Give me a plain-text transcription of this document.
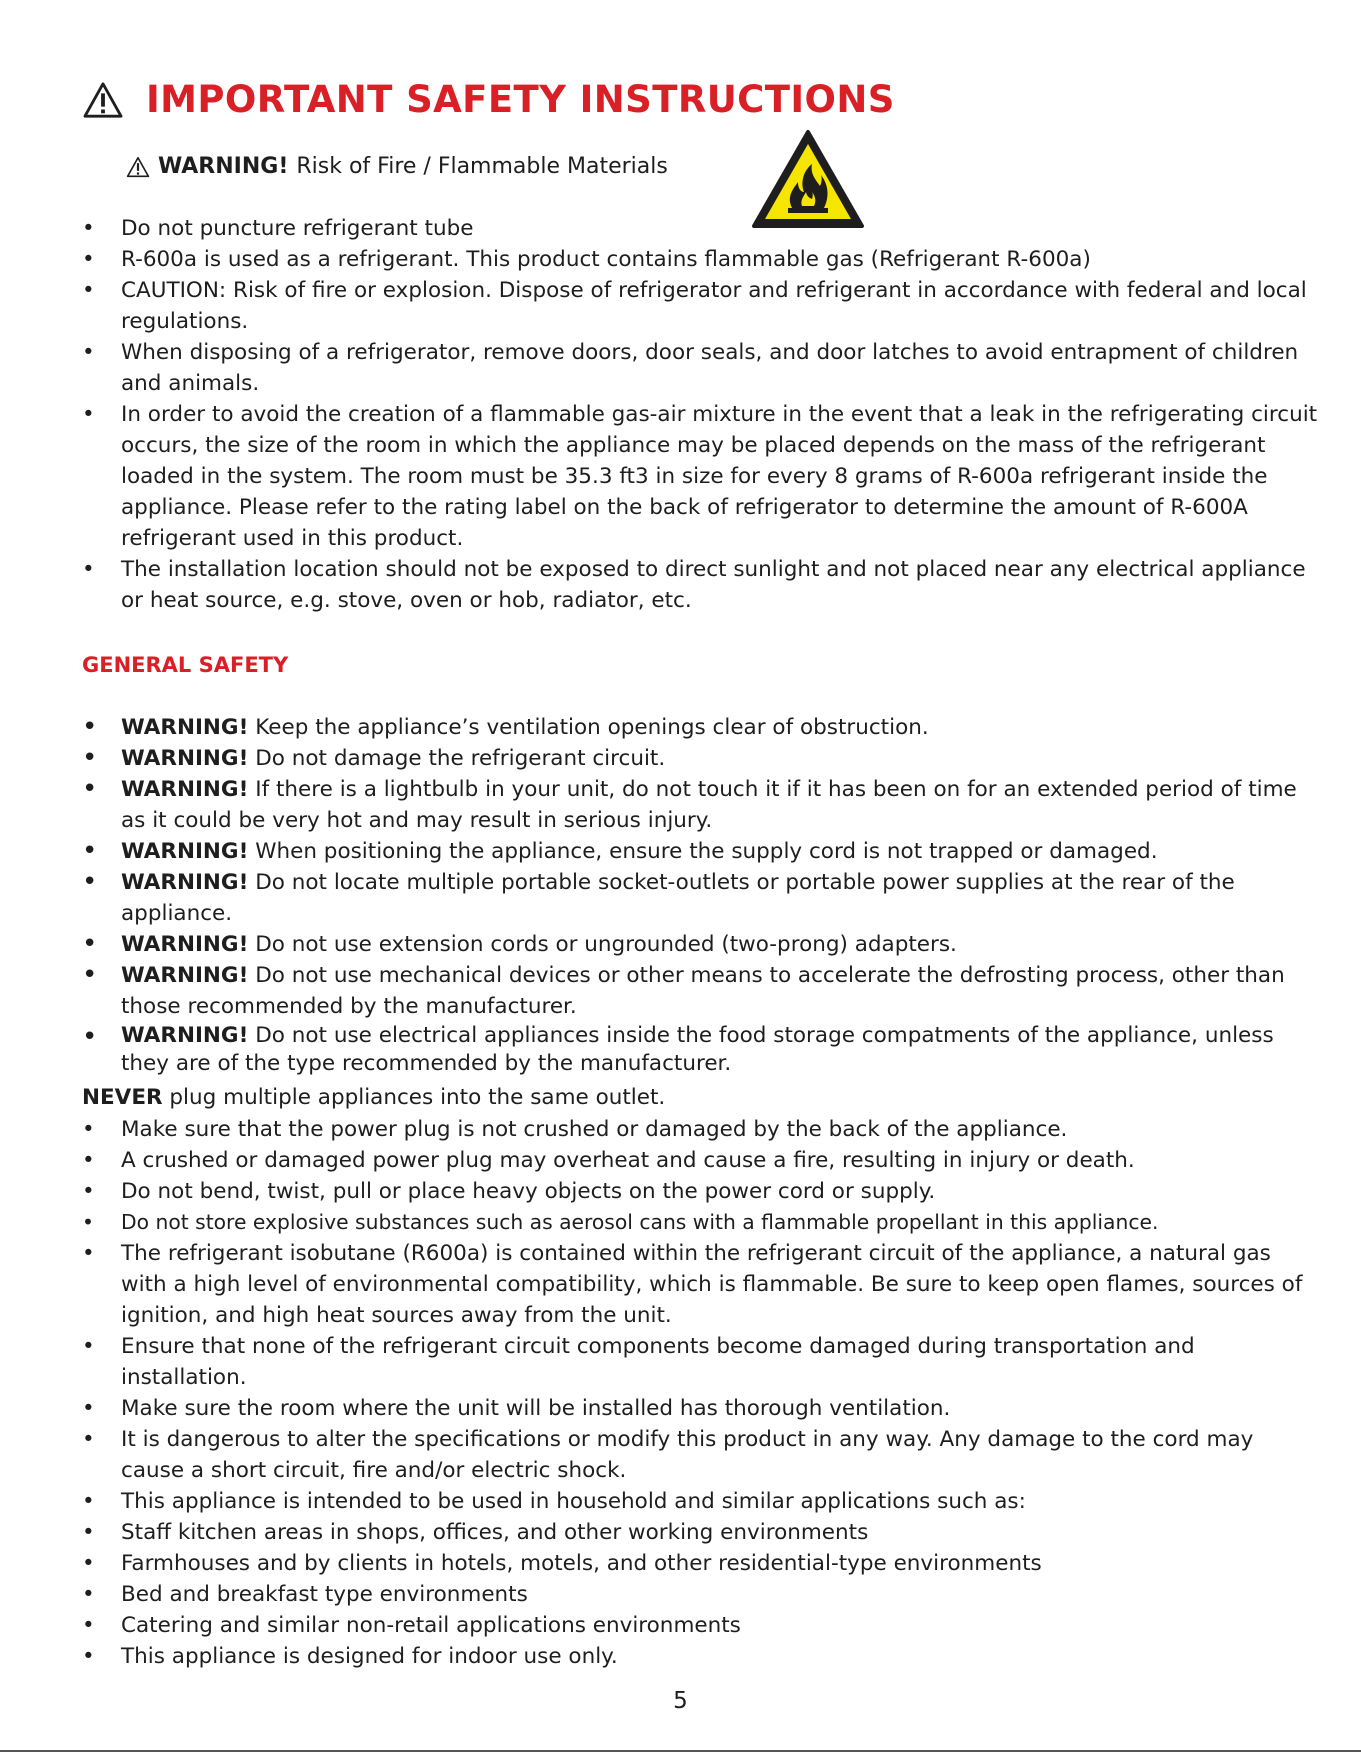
IMPORTANT SAFETY INSTRUCTIONS
WARNING! Risk of Fire / Flammable Materials
•	Do not puncture refrigerant tube
•	R-600a is used as a refrigerant. This product contains flammable gas (Refrigerant R-600a)
•	CAUTION: Risk of fire or explosion. Dispose of refrigerator and refrigerant in accordance with federal and local regulations.
•	When disposing of a refrigerator, remove doors, door seals, and door latches to avoid entrapment of children and animals.
•	In order to avoid the creation of a flammable gas-air mixture in the event that a leak in the refrigerating circuit occurs, the size of the room in which the appliance may be placed depends on the mass of the refrigerant loaded in the system. The room must be 35.3 ft3 in size for every 8 grams of R-600a refrigerant inside the appliance. Please refer to the rating label on the back of refrigerator to determine the amount of R-600A refrigerant used in this product.
•	The installation location should not be exposed to direct sunlight and not placed near any electrical appliance or heat source, e.g. stove, oven or hob, radiator, etc.
GENERAL SAFETY
• WARNING! Keep the appliance’s ventilation openings clear of obstruction.
• WARNING! Do not damage the refrigerant circuit.
• WARNING! If there is a lightbulb in your unit, do not touch it if it has been on for an extended period of time as it could be very hot and may result in serious injury.
• WARNING! When positioning the appliance, ensure the supply cord is not trapped or damaged.
• WARNING! Do not locate multiple portable socket-outlets or portable power supplies at the rear of the appliance.
• WARNING! Do not use extension cords or ungrounded (two-prong) adapters.
• WARNING! Do not use mechanical devices or other means to accelerate the defrosting process, other than those recommended by the manufacturer.
• WARNING! Do not use electrical appliances inside the food storage compatments of the appliance, unless they are of the type recommended by the manufacturer.
NEVER plug multiple appliances into the same outlet.
•	Make sure that the power plug is not crushed or damaged by the back of the appliance.
•	A crushed or damaged power plug may overheat and cause a fire, resulting in injury or death.
•	Do not bend, twist, pull or place heavy objects on the power cord or supply.
•	Do not store explosive substances such as aerosol cans with a flammable propellant in this appliance.
•	The refrigerant isobutane (R600a) is contained within the refrigerant circuit of the appliance, a natural gas with a high level of environmental compatibility, which is flammable. Be sure to keep open flames, sources of ignition, and high heat sources away from the unit.
•	Ensure that none of the refrigerant circuit components become damaged during transportation and installation.
•	Make sure the room where the unit will be installed has thorough ventilation.
•	It is dangerous to alter the specifications or modify this product in any way. Any damage to the cord may cause a short circuit, fire and/or electric shock.
•	This appliance is intended to be used in household and similar applications such as:
•	Staff kitchen areas in shops, offices, and other working environments
•	Farmhouses and by clients in hotels, motels, and other residential-type environments
•	Bed and breakfast type environments
•	Catering and similar non-retail applications environments
•	This appliance is designed for indoor use only.
5
